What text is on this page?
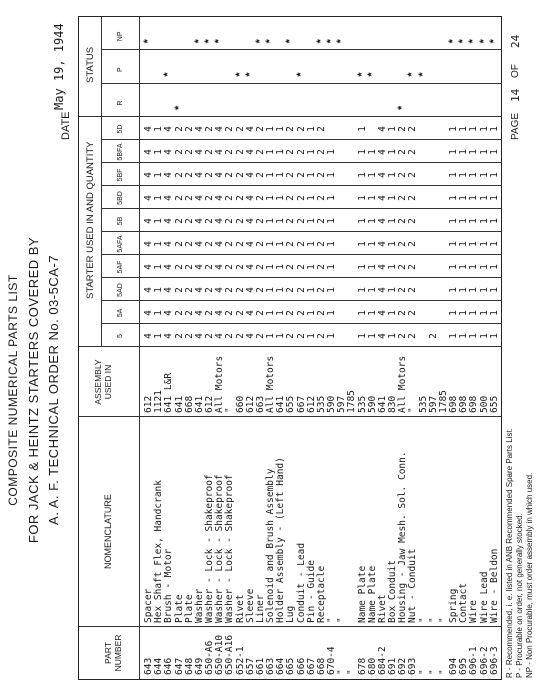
COMPOSITE NUMERICAL PARTS LIST FOR JACK & HEINTZ STARTERS COVERED BY A. A. F. TECHNICAL ORDER No. 03-5CA-7
DATE
May 19, 1944
PART NUMBER
NOMENCLATURE
ASSEMBLY USED IN
STARTER USED IN AND QUANTITY
STATUS
5
5A
5AD
5AF
5AFA
5B
5BD
5BF
5BFA
5D
R
P
NP
643
Spacer
612
4
4
4
4
4
4
4
4
4
4
*
644
Hex Shaft Flex, Handcrank
1121
1
1
1
1
1
1
1
1
1
1
646
Brush - Motor
641 L&R
4
4
4
4
4
4
4
4
4
4
*
647
Plate
641
2
2
2
2
2
2
2
2
2
2
*
648
Plate
668
2
2
2
2
2
2
2
2
2
2
649
Washer
641
4
4
4
4
4
4
4
4
4
4
*
650-A6
Washer - Lock - Shakeproof
612
2
2
2
2
2
2
2
2
2
2
*
650-A10
Washer - Lock - Shakeproof
All Motors
4
4
4
4
4
4
4
4
4
4
*
650-A16
Washer - Lock - Shakeproof
"
2
2
2
2
2
2
2
2
2
2
652-1
Rivet
660
2
2
2
2
2
2
2
2
2
2
*
657
Sleeve
612
4
4
4
4
4
4
4
4
4
4
*
661
Liner
663
2
2
2
2
2
2
2
2
2
2
*
663
Solenoid and Brush Assembly
All Motors
1
1
1
1
1
1
1
1
1
1
*
664
Holder Assembly - (Left Hand)
641
1
1
1
1
1
1
1
1
1
1
665
Lug
655
2
2
2
2
2
2
2
2
2
2
*
666
Conduit - Lead
667
2
2
2
2
2
2
2
2
2
2
*
667
Pin - Guide
612
1
1
1
1
1
1
1
1
1
1
668
Receptacle
535
2
2
2
2
2
2
2
2
2
2
*
670-4
"
590
1
1
1
1
1
1
1
1
1
*
"
"
597
*
"
1785
678
Name Plate
535
1
1
1
1
1
1
1
1
1
1
*
680
Name Plate
590
1
1
1
1
1
1
1
1
1
*
684-2
Rivet
641
4
4
4
4
4
4
4
4
4
4
691
Box Conduit
830
1
1
1
1
1
1
1
1
1
1
692
Housing - Jaw Mesh. Sol. Conn.
All Motors
2
2
2
2
2
2
2
2
2
2
*
693
Nut - Conduit
"
2
2
2
2
2
2
2
2
2
2
*
"
"
535
*
"
"
597
2
"
"
1785
694
Spring
698
1
1
1
1
1
1
1
1
1
1
*
695
Contact
698
1
1
1
1
1
1
1
1
1
1
*
696-1
Wire
698
1
1
1
1
1
1
1
1
1
1
*
696-2
Wire Lead
500
1
1
1
1
1
1
1
1
1
1
*
696-3
Wire - Beldon
655
1
1
1
1
1
1
1
1
1
1
*
R - Recommended, i. e. listed in ANB Recommended Spare Parts List. P - Procurable on order, not generally stocked. NP - Non Procurable, must order assembly in which used.
PAGE
14
OF
24
